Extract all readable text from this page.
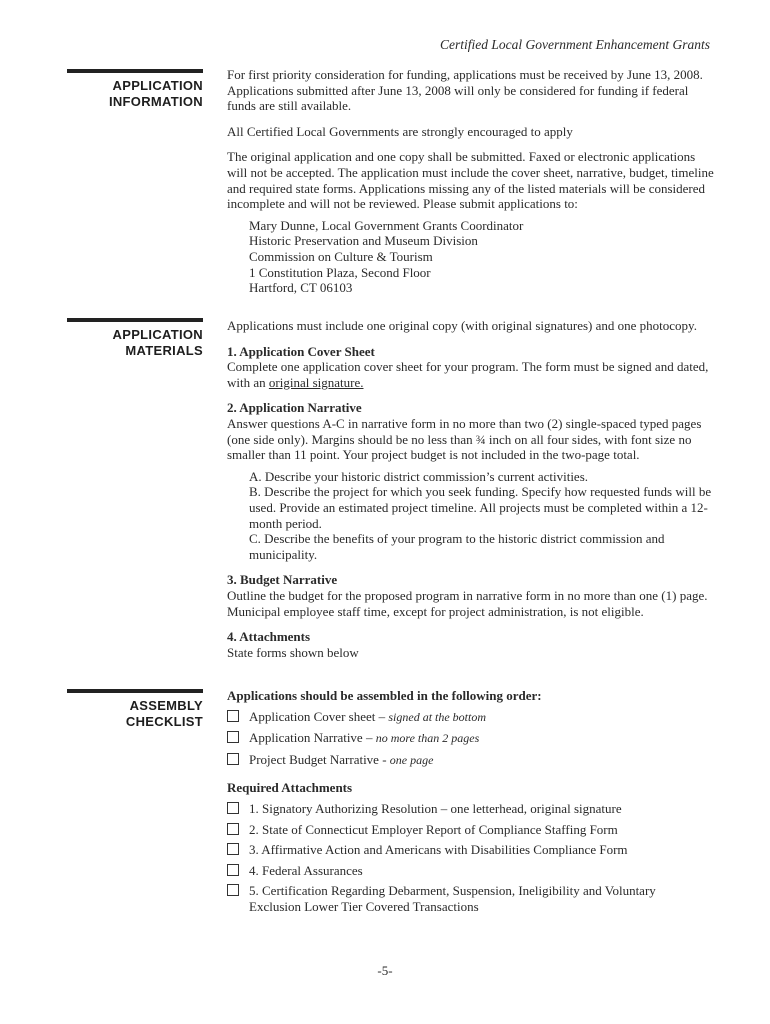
Certified Local Government Enhancement Grants
APPLICATION
INFORMATION

For first priority consideration for funding, applications must be received by June 13, 2008. Applications submitted after June 13, 2008 will only be considered for funding if federal funds are still available.

All Certified Local Governments are strongly encouraged to apply

The original application and one copy shall be submitted. Faxed or electronic applications will not be accepted. The application must include the cover sheet, narrative, budget, timeline and required state forms. Applications missing any of the listed materials will be considered incomplete and will not be reviewed. Please submit applications to:

Mary Dunne, Local Government Grants Coordinator
Historic Preservation and Museum Division
Commission on Culture & Tourism
1 Constitution Plaza, Second Floor
Hartford, CT 06103
APPLICATION
MATERIALS

Applications must include one original copy (with original signatures) and one photocopy.

1. Application Cover Sheet

Complete one application cover sheet for your program. The form must be signed and dated, with an original signature.

2. Application Narrative

Answer questions A-C in narrative form in no more than two (2) single-spaced typed pages (one side only). Margins should be no less than ¾ inch on all four sides, with font size no smaller than 11 point. Your project budget is not included in the two-page total.

A. Describe your historic district commission’s current activities.
B. Describe the project for which you seek funding. Specify how requested funds will be used. Provide an estimated project timeline. All projects must be completed within a 12-month period.
C. Describe the benefits of your program to the historic district commission and municipality.

3. Budget Narrative

Outline the budget for the proposed program in narrative form in no more than one (1) page. Municipal employee staff time, except for project administration, is not eligible.

4. Attachments

State forms shown below

ASSEMBLY
CHECKLIST

Applications should be assembled in the following order:

Application Cover sheet – signed at the bottom
Application Narrative – no more than 2 pages
Project Budget Narrative - one page

Required Attachments

1. Signatory Authorizing Resolution – one letterhead, original signature
2. State of Connecticut Employer Report of Compliance Staffing Form
3. Affirmative Action and Americans with Disabilities Compliance Form
4. Federal Assurances
5. Certification Regarding Debarment, Suspension, Ineligibility and Voluntary Exclusion Lower Tier Covered Transactions
-5-
